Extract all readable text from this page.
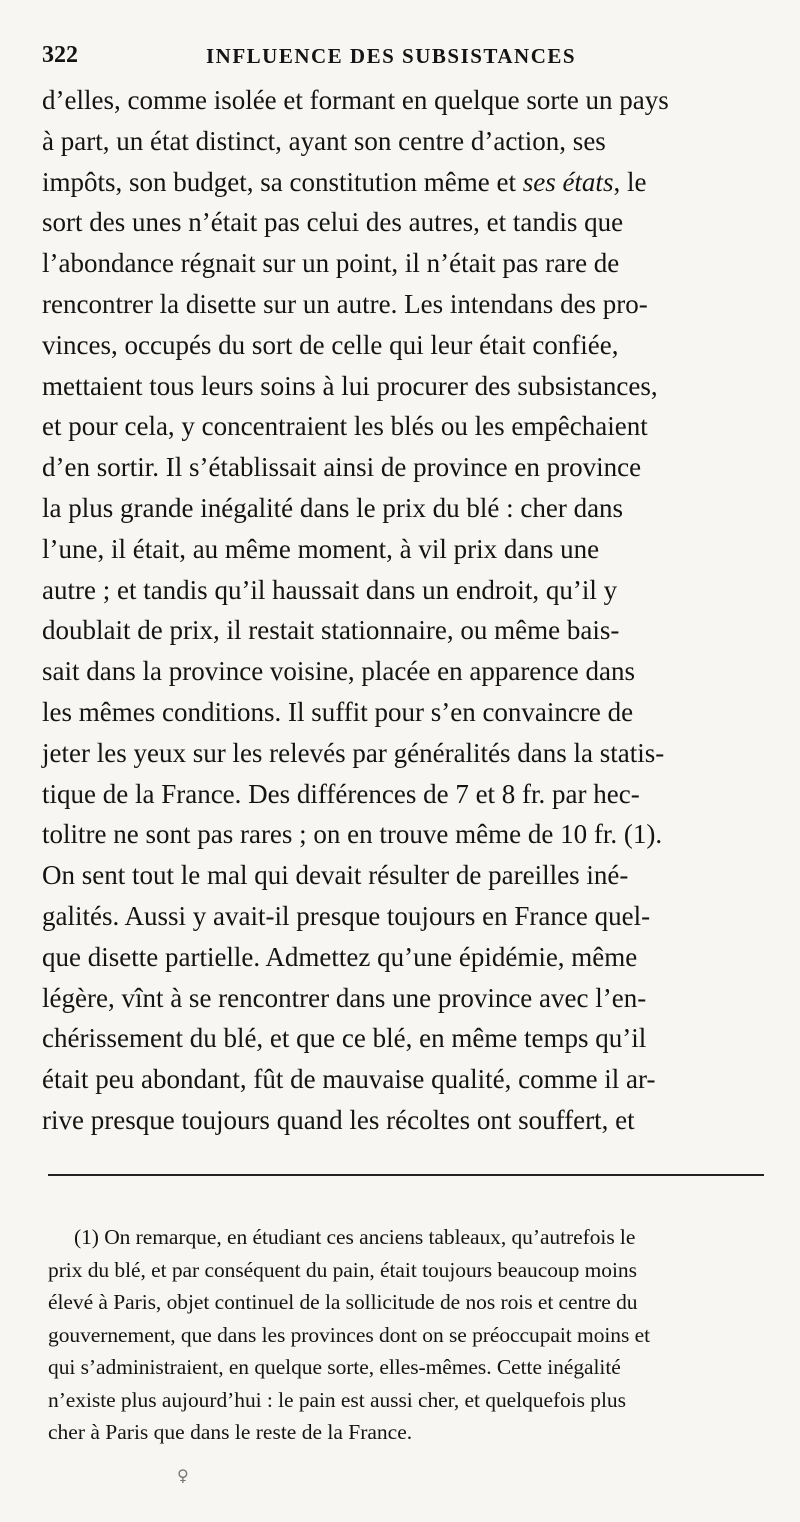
322	INFLUENCE DES SUBSISTANCES
d’elles, comme isolée et formant en quelque sorte un pays
à part, un état distinct, ayant son centre d’action, ses
impôts, son budget, sa constitution même et ses états, le
sort des unes n’était pas celui des autres, et tandis que
l’abondance régnait sur un point, il n’était pas rare de
rencontrer la disette sur un autre. Les intendans des pro-
vinces, occupés du sort de celle qui leur était confiée,
mettaient tous leurs soins à lui procurer des subsistances,
et pour cela, y concentraient les blés ou les empêchaient
d’en sortir. Il s’établissait ainsi de province en province
la plus grande inégalité dans le prix du blé : cher dans
l’une, il était, au même moment, à vil prix dans une
autre ; et tandis qu’il haussait dans un endroit, qu’il y
doublait de prix, il restait stationnaire, ou même bais-
sait dans la province voisine, placée en apparence dans
les mêmes conditions. Il suffit pour s’en convaincre de
jeter les yeux sur les relevés par généralités dans la statis-
tique de la France. Des différences de 7 et 8 fr. par hec-
tolitre ne sont pas rares ; on en trouve même de 10 fr. (1).
On sent tout le mal qui devait résulter de pareilles iné-
galités. Aussi y avait-il presque toujours en France quel-
que disette partielle. Admettez qu’une épidémie, même
légère, vînt à se rencontrer dans une province avec l’en-
chérissement du blé, et que ce blé, en même temps qu’il
était peu abondant, fût de mauvaise qualité, comme il ar-
rive presque toujours quand les récoltes ont souffert, et
(1) On remarque, en étudiant ces anciens tableaux, qu’autrefois le
prix du blé, et par conséquent du pain, était toujours beaucoup moins
élevé à Paris, objet continuel de la sollicitude de nos rois et centre du
gouvernement, que dans les provinces dont on se préoccupait moins et
qui s’administraient, en quelque sorte, elles-mêmes. Cette inégalité
n’existe plus aujourd’hui : le pain est aussi cher, et quelquefois plus
cher à Paris que dans le reste de la France.
♀
